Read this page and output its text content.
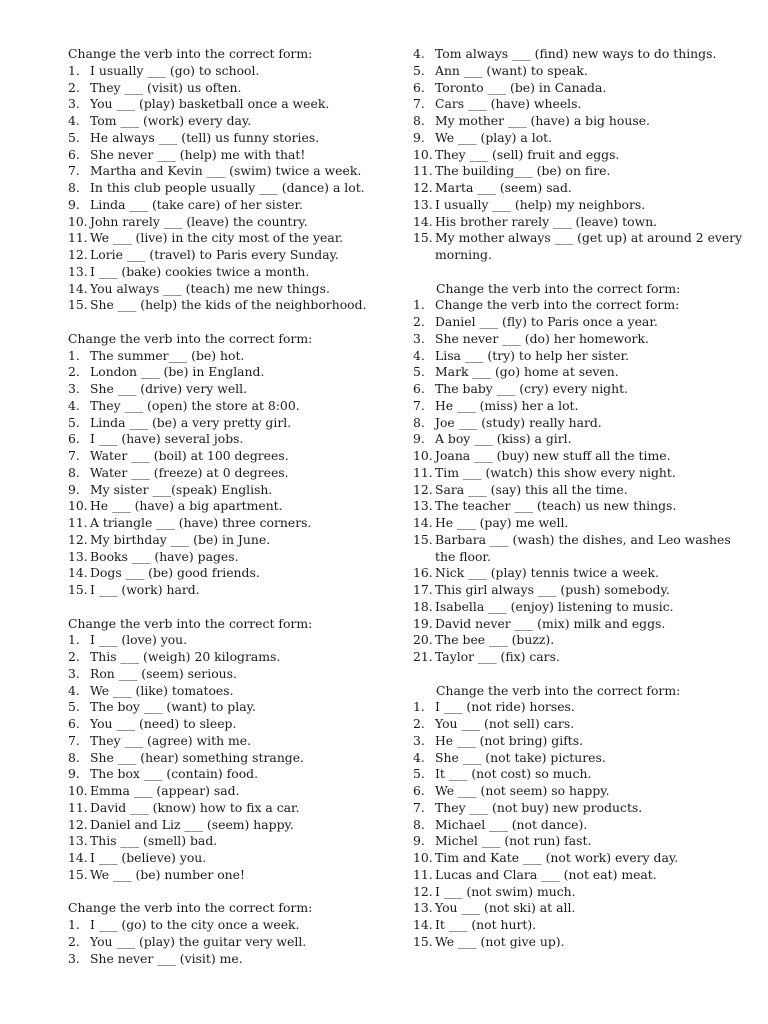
Change the verb into the correct form:
1. I usually ___ (go) to school.
2. They ___ (visit) us often.
3. You ___ (play) basketball once a week.
4. Tom ___ (work) every day.
5. He always ___ (tell) us funny stories.
6. She never ___ (help) me with that!
7. Martha and Kevin ___ (swim) twice a week.
8. In this club people usually ___ (dance) a lot.
9. Linda ___ (take care) of her sister.
10. John rarely ___ (leave) the country.
11. We ___ (live) in the city most of the year.
12. Lorie ___ (travel) to Paris every Sunday.
13. I ___ (bake) cookies twice a month.
14. You always ___ (teach) me new things.
15. She ___ (help) the kids of the neighborhood.
Change the verb into the correct form:
1. The summer___ (be) hot.
2. London ___ (be) in England.
3. She ___ (drive) very well.
4. They ___ (open) the store at 8:00.
5. Linda ___ (be) a very pretty girl.
6. I ___ (have) several jobs.
7. Water ___ (boil) at 100 degrees.
8. Water ___ (freeze) at 0 degrees.
9. My sister ___(speak) English.
10. He ___ (have) a big apartment.
11. A triangle ___ (have) three corners.
12. My birthday ___ (be) in June.
13. Books ___ (have) pages.
14. Dogs ___ (be) good friends.
15. I ___ (work) hard.
Change the verb into the correct form:
1. I ___ (love) you.
2. This ___ (weigh) 20 kilograms.
3. Ron ___ (seem) serious.
4. We ___ (like) tomatoes.
5. The boy ___ (want) to play.
6. You ___ (need) to sleep.
7. They ___ (agree) with me.
8. She ___ (hear) something strange.
9. The box ___ (contain) food.
10. Emma ___ (appear) sad.
11. David ___ (know) how to fix a car.
12. Daniel and Liz ___ (seem) happy.
13. This ___ (smell) bad.
14. I ___ (believe) you.
15. We ___ (be) number one!
Change the verb into the correct form:
1. I ___ (go) to the city once a week.
2. You ___ (play) the guitar very well.
3. She never ___ (visit) me.
4. Tom always ___ (find) new ways to do things.
5. Ann ___ (want) to speak.
6. Toronto ___ (be) in Canada.
7. Cars ___ (have) wheels.
8. My mother ___ (have) a big house.
9. We ___ (play) a lot.
10. They ___ (sell) fruit and eggs.
11. The building___ (be) on fire.
12. Marta ___ (seem) sad.
13. I usually ___ (help) my neighbors.
14. His brother rarely ___ (leave) town.
15. My mother always ___ (get up) at around 2 every morning.
Change the verb into the correct form:
1. Change the verb into the correct form:
2. Daniel ___ (fly) to Paris once a year.
3. She never ___ (do) her homework.
4. Lisa ___ (try) to help her sister.
5. Mark ___ (go) home at seven.
6. The baby ___ (cry) every night.
7. He ___ (miss) her a lot.
8. Joe ___ (study) really hard.
9. A boy ___ (kiss) a girl.
10. Joana ___ (buy) new stuff all the time.
11. Tim ___ (watch) this show every night.
12. Sara ___ (say) this all the time.
13. The teacher ___ (teach) us new things.
14. He ___ (pay) me well.
15. Barbara ___ (wash) the dishes, and Leo washes the floor.
16. Nick ___ (play) tennis twice a week.
17. This girl always ___ (push) somebody.
18. Isabella ___ (enjoy) listening to music.
19. David never ___ (mix) milk and eggs.
20. The bee ___ (buzz).
21. Taylor ___ (fix) cars.
Change the verb into the correct form:
1. I ___ (not ride) horses.
2. You ___ (not sell) cars.
3. He ___ (not bring) gifts.
4. She ___ (not take) pictures.
5. It ___ (not cost) so much.
6. We ___ (not seem) so happy.
7. They ___ (not buy) new products.
8. Michael ___ (not dance).
9. Michel ___ (not run) fast.
10. Tim and Kate ___ (not work) every day.
11. Lucas and Clara ___ (not eat) meat.
12. I ___ (not swim) much.
13. You ___ (not ski) at all.
14. It ___ (not hurt).
15. We ___ (not give up).
